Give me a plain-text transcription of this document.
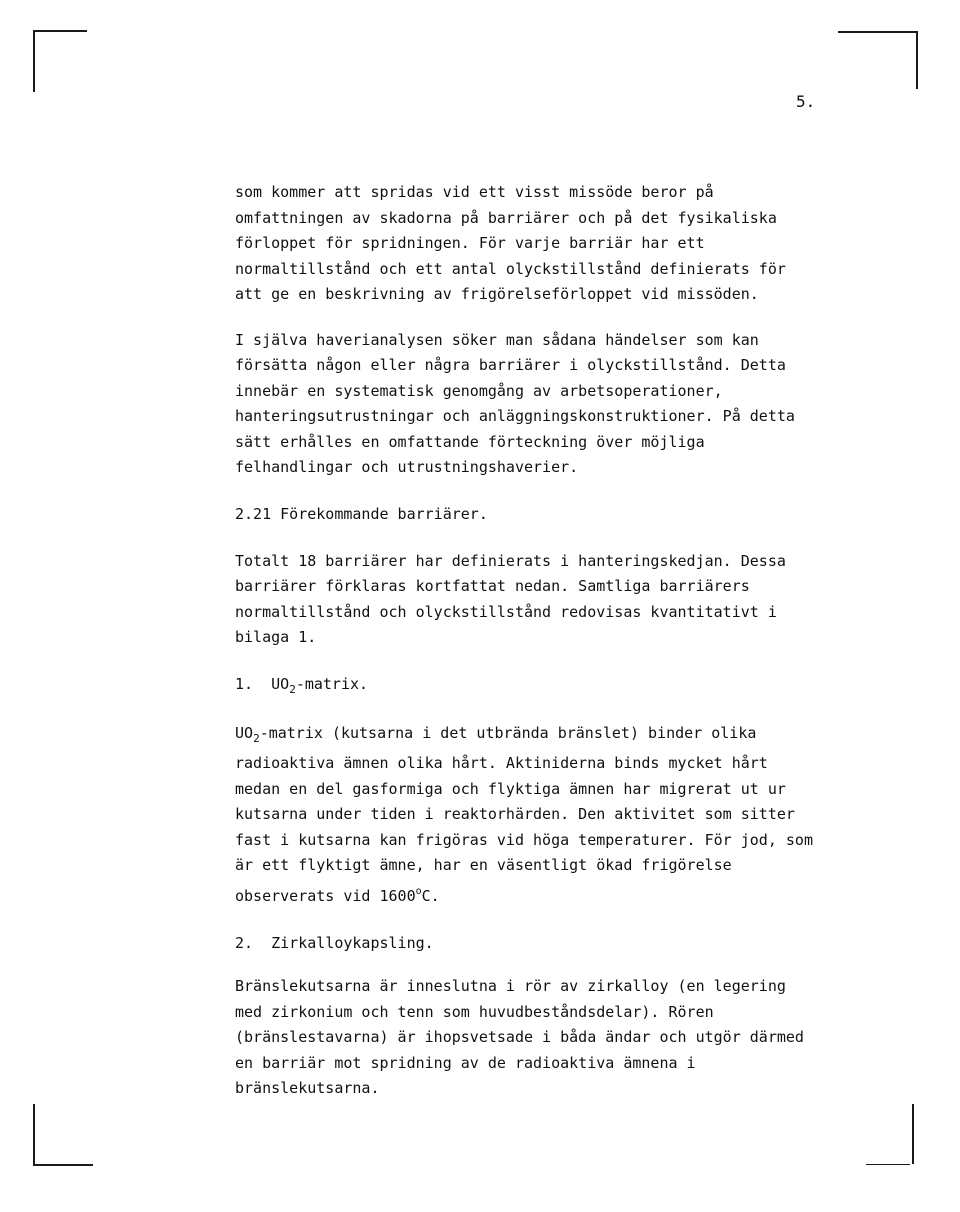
5.

som kommer att spridas vid ett visst missöde beror på omfattningen av skadorna på barriärer och på det fysikaliska förloppet för spridningen. För varje barriär har ett normaltillstånd och ett antal olyckstillstånd definierats för att ge en beskrivning av frigörelseförloppet vid missöden.

I själva haverianalysen söker man sådana händelser som kan försätta någon eller några barriärer i olyckstillstånd. Detta innebär en systematisk genomgång av arbetsoperationer, hanteringsutrustningar och anläggningskonstruktioner. På detta sätt erhålles en omfattande förteckning över möjliga felhandlingar och utrustningshaverier.

2.21 Förekommande barriärer.

Totalt 18 barriärer har definierats i hanteringskedjan. Dessa barriärer förklaras kortfattat nedan. Samtliga barriärers normaltillstånd och olyckstillstånd redovisas kvantitativt i bilaga 1.

1. $UO_2$-matrix.

$UO_2$-matrix (kutsarna i det utbrända bränslet) binder olika radioaktiva ämnen olika hårt. Aktiniderna binds mycket hårt medan en del gasformiga och flyktiga ämnen har migrerat ut ur kutsarna under tiden i reaktorhärden. Den aktivitet som sitter fast i kutsarna kan frigöras vid höga temperaturer. För jod, som är ett flyktigt ämne, har en väsentligt ökad frigörelse observerats vid 1600$^o$C.

2. Zirkalloykapsling.

Bränslekutsarna är inneslutna i rör av zirkalloy (en legering med zirkonium och tenn som huvudbeståndsdelar). Rören (bränslestavarna) är ihopsvetsade i båda ändar och utgör därmed en barriär mot spridning av de radioaktiva ämnena i bränslekutsarna.
